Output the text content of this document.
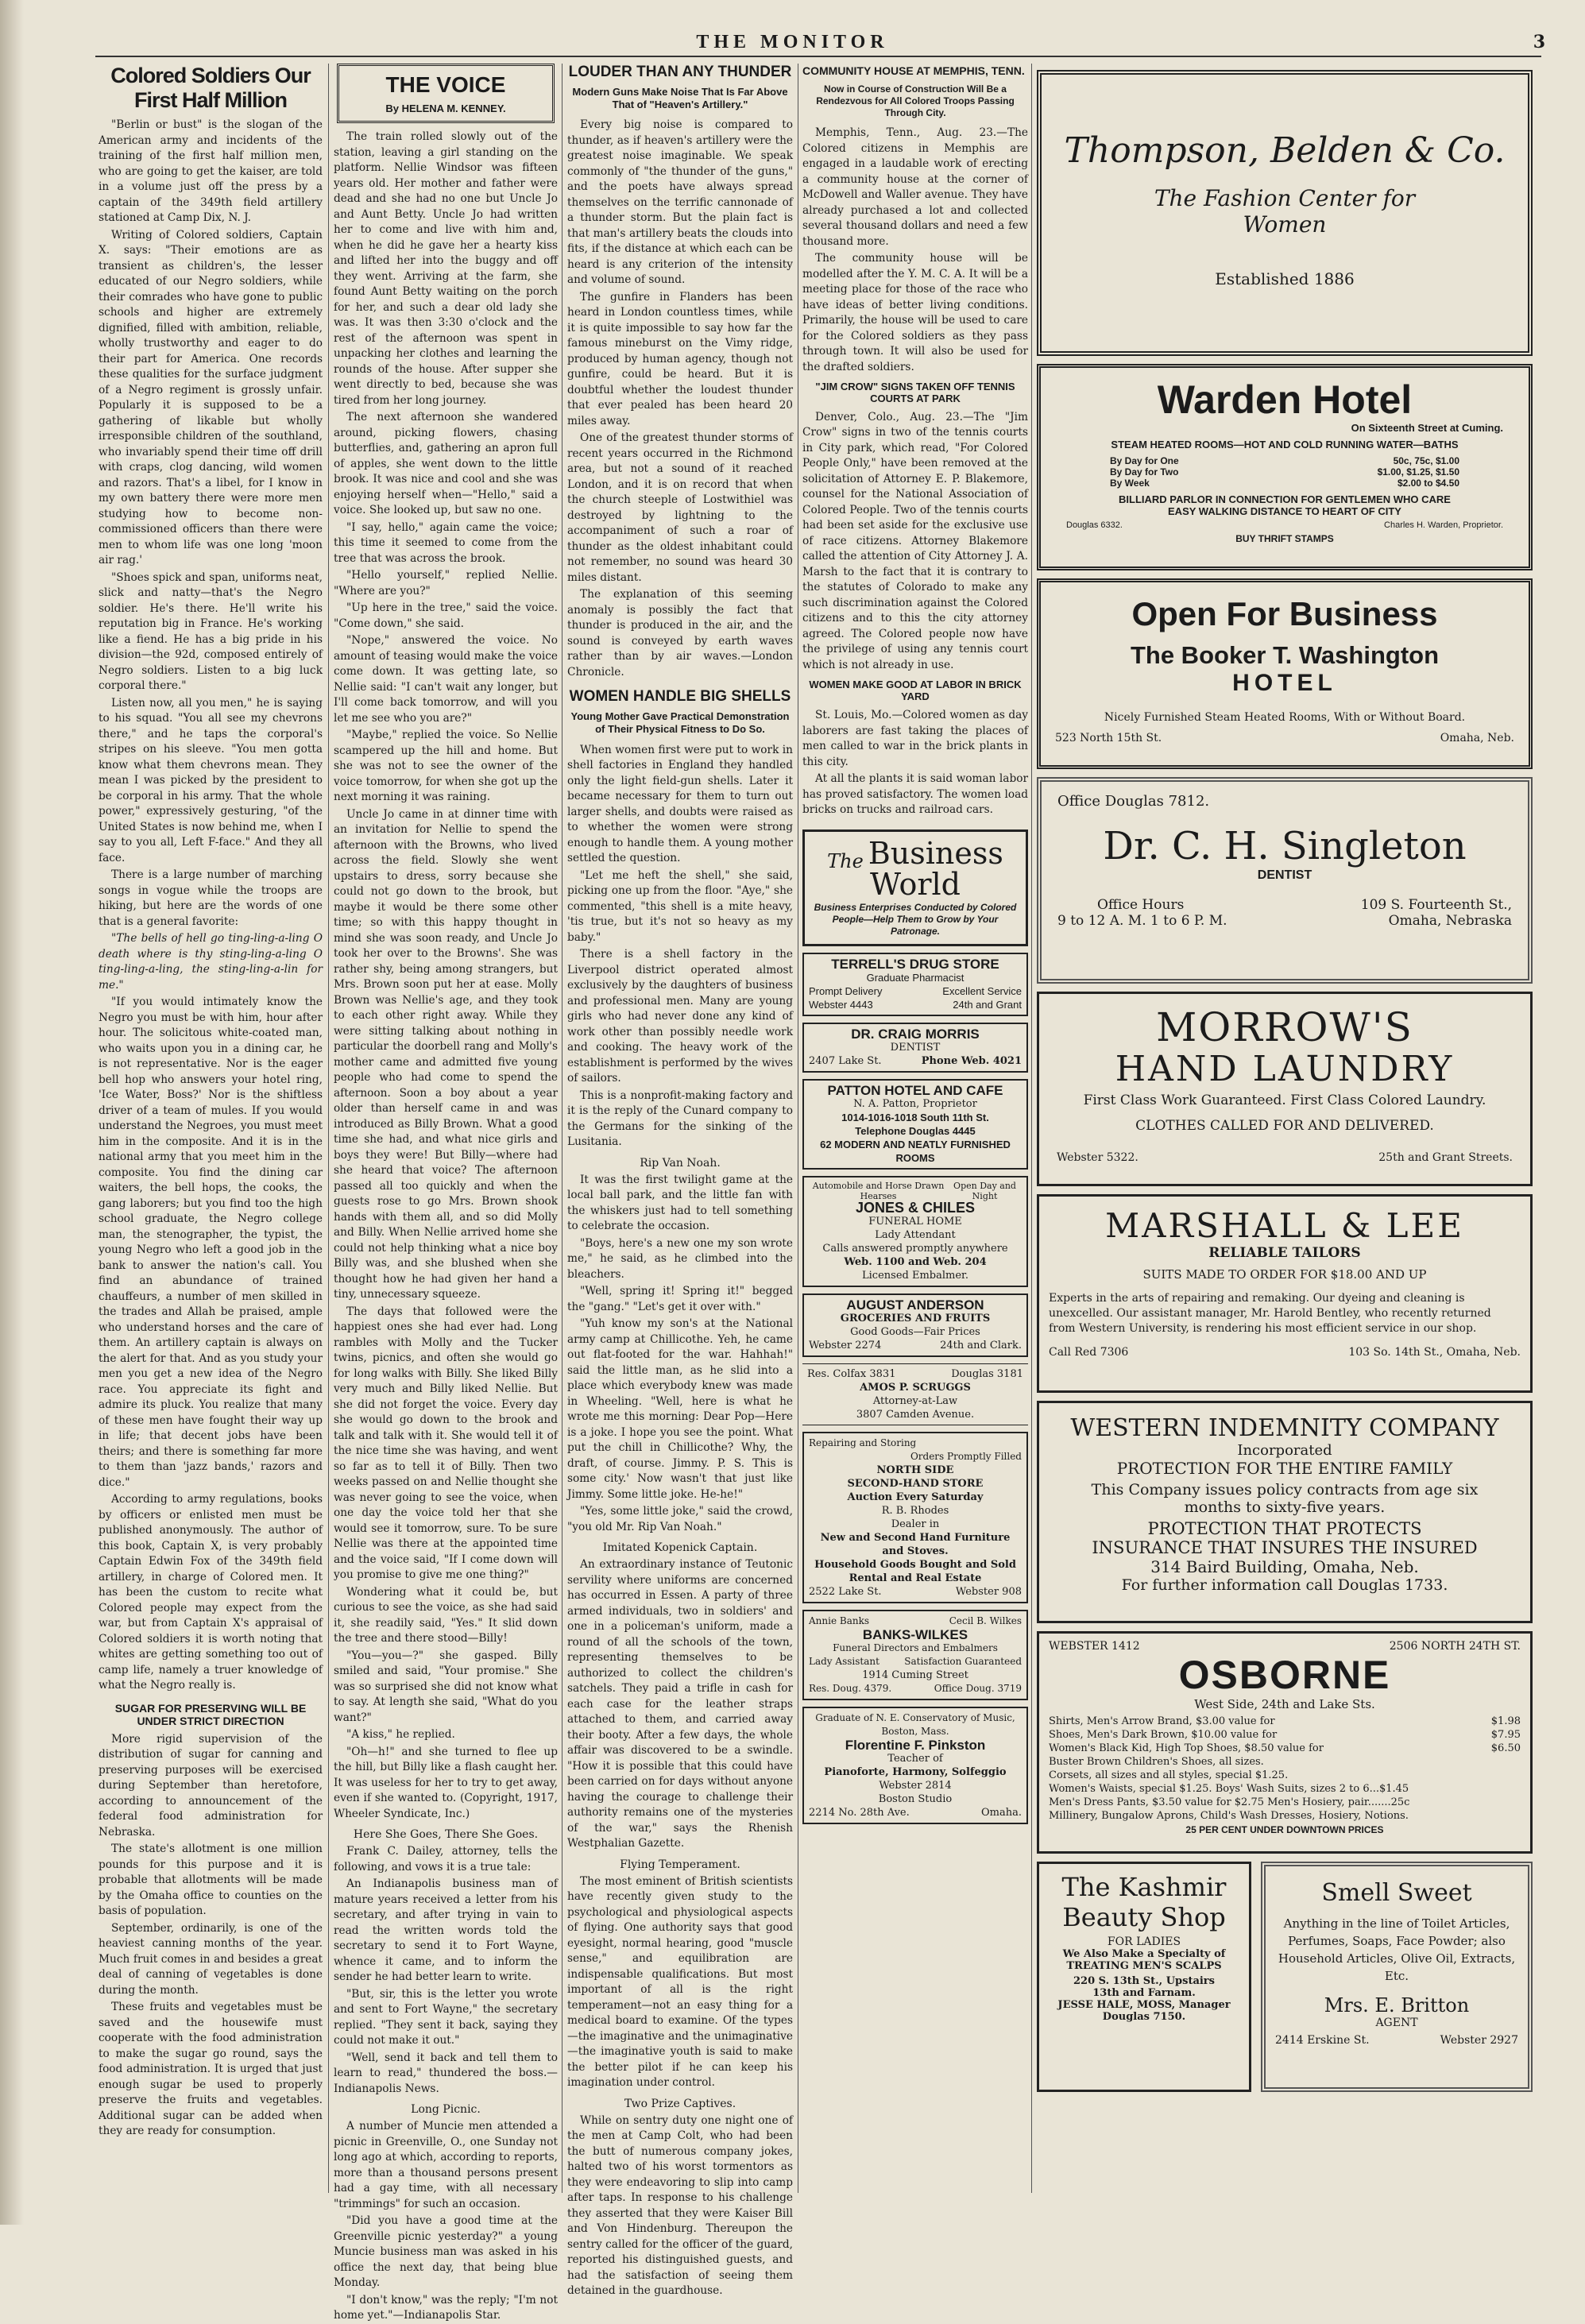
THE MONITOR	3
Colored Soldiers Our First Half Million

"Berlin or bust" is the slogan of the American army and incidents of the training of the first half million men, who are going to get the kaiser, are told in a volume just off the press by a captain of the 349th field artillery stationed at Camp Dix, N. J.

Writing of Colored soldiers, Captain X. says: "Their emotions are as transient as children's, the lesser educated of our Negro soldiers, while their comrades who have gone to public schools and higher are extremely dignified, filled with ambition, reliable, wholly trustworthy and eager to do their part for America. One records these qualities for the surface judgment of a Negro regiment is grossly unfair. Popularly it is supposed to be a gathering of likable but wholly irresponsible children of the southland, who invariably spend their time off drill with craps, clog dancing, wild women and razors. That's a libel, for I know in my own battery there were more men studying how to become non-commissioned officers than there were men to whom life was one long 'moon air rag.'

"Shoes spick and span, uniforms neat, slick and natty—that's the Negro soldier. He's there. He'll write his reputation big in France. He's working like a fiend. He has a big pride in his division—the 92d, composed entirely of Negro soldiers. Listen to a big luck corporal there."

Listen now, all you men," he is saying to his squad. "You all see my chevrons there," and he taps the corporal's stripes on his sleeve. "You men gotta know what them chevrons mean. They mean I was picked by the president to be corporal in his army. That the whole power," expressively gesturing, "of the United States is now behind me, when I say to you all, Left F-face." And they all face.

There is a large number of marching songs in vogue while the troops are hiking, but here are the words of one that is a general favorite:

"The bells of hell go ting-ling-a-ling O death where is thy sting-ling-a-ling O ting-ling-a-ling, the sting-ling-a-lin for me."

"If you would intimately know the Negro you must be with him, hour after hour. The solicitous white-coated man, who waits upon you in a dining car, he is not representative. Nor is the eager bell hop who answers your hotel ring, 'Ice Water, Boss?' Nor is the shiftless driver of a team of mules. If you would understand the Negroes, you must meet him in the composite. And it is in the national army that you meet him in the composite. You find the dining car waiters, the bell hops, the cooks, the gang laborers; but you find too the high school graduate, the Negro college man, the stenographer, the typist, the young Negro who left a good job in the bank to answer the nation's call. You find an abundance of trained chauffeurs, a number of men skilled in the trades and Allah be praised, ample who understand horses and the care of them. An artillery captain is always on the alert for that. And as you study your men you get a new idea of the Negro race. You appreciate its fight and admire its pluck. You realize that many of these men have fought their way up in life; that decent jobs have been theirs; and there is something far more to them than 'jazz bands,' razors and dice."

According to army regulations, books by officers or enlisted men must be published anonymously. The author of this book, Captain X, is very probably Captain Edwin Fox of the 349th field artillery, in charge of Colored men. It has been the custom to recite what Colored people may expect from the war, but from Captain X's appraisal of Colored soldiers it is worth noting that whites are getting something too out of camp life, namely a truer knowledge of what the Negro really is.

SUGAR FOR PRESERVING WILL BE UNDER STRICT DIRECTION

More rigid supervision of the distribution of sugar for canning and preserving purposes will be exercised during September than heretofore, according to announcement of the federal food administration for Nebraska.

The state's allotment is one million pounds for this purpose and it is probable that allotments will be made by the Omaha office to counties on the basis of population.

September, ordinarily, is one of the heaviest canning months of the year. Much fruit comes in and besides a great deal of canning of vegetables is done during the month.

These fruits and vegetables must be saved and the housewife must cooperate with the food administration to make the sugar go round, says the food administration. It is urged that just enough sugar be used to properly preserve the fruits and vegetables. Additional sugar can be added when they are ready for consumption.

THE VOICE
By HELENA M. KENNEY.

The train rolled slowly out of the station, leaving a girl standing on the platform. Nellie Windsor was fifteen years old. Her mother and father were dead and she had no one but Uncle Jo and Aunt Betty. Uncle Jo had written her to come and live with him and, when he did he gave her a hearty kiss and lifted her into the buggy and off they went. Arriving at the farm, she found Aunt Betty waiting on the porch for her, and such a dear old lady she was. It was then 3:30 o'clock and the rest of the afternoon was spent in unpacking her clothes and learning the rounds of the house. After supper she went directly to bed, because she was tired from her long journey.

The next afternoon she wandered around, picking flowers, chasing butterflies, and, gathering an apron full of apples, she went down to the little brook. It was nice and cool and she was enjoying herself when—"Hello," said a voice. She looked up, but saw no one.

"I say, hello," again came the voice; this time it seemed to come from the tree that was across the brook.

"Hello yourself," replied Nellie. "Where are you?"

"Up here in the tree," said the voice. "Come down," she said.

"Nope," answered the voice. No amount of teasing would make the voice come down. It was getting late, so Nellie said: "I can't wait any longer, but I'll come back tomorrow, and will you let me see who you are?"

"Maybe," replied the voice. So Nellie scampered up the hill and home. But she was not to see the owner of the voice tomorrow, for when she got up the next morning it was raining.

Uncle Jo came in at dinner time with an invitation for Nellie to spend the afternoon with the Browns, who lived across the field. Slowly she went upstairs to dress, sorry because she could not go down to the brook, but maybe it would be there some other time; so with this happy thought in mind she was soon ready, and Uncle Jo took her over to the Browns'. She was rather shy, being among strangers, but Mrs. Brown soon put her at ease. Molly Brown was Nellie's age, and they took to each other right away. While they were sitting talking about nothing in particular the doorbell rang and Molly's mother came and admitted five young people who had come to spend the afternoon. Soon a boy about a year older than herself came in and was introduced as Billy Brown. What a good time she had, and what nice girls and boys they were! But Billy—where had she heard that voice? The afternoon passed all too quickly and when the guests rose to go Mrs. Brown shook hands with them all, and so did Molly and Billy. When Nellie arrived home she could not help thinking what a nice boy Billy was, and she blushed when she thought how he had given her hand a tiny, unnecessary squeeze.

The days that followed were the happiest ones she had ever had. Long rambles with Molly and the Tucker twins, picnics, and often she would go for long walks with Billy. She liked Billy very much and Billy liked Nellie. But she did not forget the voice. Every day she would go down to the brook and talk and talk with it. She would tell it of the nice time she was having, and went so far as to tell it of Billy. Then two weeks passed on and Nellie thought she was never going to see the voice, when one day the voice told her that she would see it tomorrow, sure. To be sure Nellie was there at the appointed time and the voice said, "If I come down will you promise to give me one thing?"

Wondering what it could be, but curious to see the voice, as she had said it, she readily said, "Yes." It slid down the tree and there stood—Billy!

"You—you—?" she gasped. Billy smiled and said, "Your promise." She was so surprised she did not know what to say. At length she said, "What do you want?"

"A kiss," he replied.

"Oh—h!" and she turned to flee up the hill, but Billy like a flash caught her. It was useless for her to try to get away, even if she wanted to. (Copyright, 1917, Wheeler Syndicate, Inc.)

Here She Goes, There She Goes.

Frank C. Dailey, attorney, tells the following, and vows it is a true tale:

An Indianapolis business man of mature years received a letter from his secretary, and after trying in vain to read the written words told the secretary to send it to Fort Wayne, whence it came, and to inform the sender he had better learn to write.

"But, sir, this is the letter you wrote and sent to Fort Wayne," the secretary replied. "They sent it back, saying they could not make it out."

"Well, send it back and tell them to learn to read," thundered the boss.—Indianapolis News.

Long Picnic.

A number of Muncie men attended a picnic in Greenville, O., one Sunday not long ago at which, according to reports, more than a thousand persons present had a gay time, with all necessary "trimmings" for such an occasion.

"Did you have a good time at the Greenville picnic yesterday?" a young Muncie business man was asked in his office the next day, that being blue Monday.

"I don't know," was the reply; "I'm not home yet."—Indianapolis Star.

LOUDER THAN ANY THUNDER
Modern Guns Make Noise That Is Far Above That of "Heaven's Artillery."

Every big noise is compared to thunder, as if heaven's artillery were the greatest noise imaginable. We speak commonly of "the thunder of the guns," and the poets have always spread themselves on the terrific cannonade of a thunder storm. But the plain fact is that man's artillery beats the clouds into fits, if the distance at which each can be heard is any criterion of the intensity and volume of sound.

The gunfire in Flanders has been heard in London countless times, while it is quite impossible to say how far the famous mineburst on the Vimy ridge, produced by human agency, though not gunfire, could be heard. But it is doubtful whether the loudest thunder that ever pealed has been heard 20 miles away.

One of the greatest thunder storms of recent years occurred in the Richmond area, but not a sound of it reached London, and it is on record that when the church steeple of Lostwithiel was destroyed by lightning to the accompaniment of such a roar of thunder as the oldest inhabitant could not remember, no sound was heard 30 miles distant.

The explanation of this seeming anomaly is possibly the fact that thunder is produced in the air, and the sound is conveyed by earth waves rather than by air waves.—London Chronicle.

WOMEN HANDLE BIG SHELLS
Young Mother Gave Practical Demonstration of Their Physical Fitness to Do So.

When women first were put to work in shell factories in England they handled only the light field-gun shells. Later it became necessary for them to turn out larger shells, and doubts were raised as to whether the women were strong enough to handle them. A young mother settled the question.

"Let me heft the shell," she said, picking one up from the floor. "Aye," she commented, "this shell is a mite heavy, 'tis true, but it's not so heavy as my baby."

There is a shell factory in the Liverpool district operated almost exclusively by the daughters of business and professional men. Many are young girls who had never done any kind of work other than possibly needle work and cooking. The heavy work of the establishment is performed by the wives of sailors.

This is a nonprofit-making factory and it is the reply of the Cunard company to the Germans for the sinking of the Lusitania.

Rip Van Noah.

It was the first twilight game at the local ball park, and the little fan with the whiskers just had to tell something to celebrate the occasion.

"Boys, here's a new one my son wrote me," he said, as he climbed into the bleachers.

"Well, spring it! Spring it!" begged the "gang." "Let's get it over with."

"Yuh know my son's at the National army camp at Chillicothe. Yeh, he came out flat-footed for the war. Hahhah!" said the little man, as he slid into a place which everybody knew was made in Wheeling. "Well, here is what he wrote me this morning: Dear Pop—Here is a joke. I hope you see the point. What put the chill in Chillicothe? Why, the draft, of course. Jimmy. P. S. This is some city.' Now wasn't that just like Jimmy. Some little joke. He-he!"

"Yes, some little joke," said the crowd, "you old Mr. Rip Van Noah."

Imitated Kopenick Captain.

An extraordinary instance of Teutonic servility where uniforms are concerned has occurred in Essen. A party of three armed individuals, two in soldiers' and one in a policeman's uniform, made a round of all the schools of the town, representing themselves to be authorized to collect the children's satchels. They paid a trifle in cash for each case for the leather straps attached to them, and carried away their booty. After a few days, the whole affair was discovered to be a swindle. "How it is possible that this could have been carried on for days without anyone having the courage to challenge their authority remains one of the mysteries of the war," says the Rhenish Westphalian Gazette.

Flying Temperament.

The most eminent of British scientists have recently given study to the psychological and physiological aspects of flying. One authority says that good eyesight, normal hearing, good "muscle sense," and equilibration are indispensable qualifications. But most important of all is the right temperament—not an easy thing for a medical board to examine. Of the types—the imaginative and the unimaginative—the imaginative youth is said to make the better pilot if he can keep his imagination under control.

Two Prize Captives.

While on sentry duty one night one of the men at Camp Colt, who had been the butt of numerous company jokes, halted two of his worst tormentors as they were endeavoring to slip into camp after taps. In response to his challenge they asserted that they were Kaiser Bill and Von Hindenburg. Thereupon the sentry called for the officer of the guard, reported his distinguished guests, and had the satisfaction of seeing them detained in the guardhouse.

COMMUNITY HOUSE AT MEMPHIS, TENN.
Now in Course of Construction Will Be a Rendezvous for All Colored Troops Passing Through City.

Memphis, Tenn., Aug. 23.—The Colored citizens in Memphis are engaged in a laudable work of erecting a community house at the corner of McDowell and Waller avenue. They have already purchased a lot and collected several thousand dollars and need a few thousand more.

The community house will be modelled after the Y. M. C. A. It will be a meeting place for those of the race who have ideas of better living conditions. Primarily, the house will be used to care for the Colored soldiers as they pass through town. It will also be used for the drafted soldiers.

"JIM CROW" SIGNS TAKEN OFF TENNIS COURTS AT PARK

Denver, Colo., Aug. 23.—The "Jim Crow" signs in two of the tennis courts in City park, which read, "For Colored People Only," have been removed at the solicitation of Attorney E. P. Blakemore, counsel for the National Association of Colored People. Two of the tennis courts had been set aside for the exclusive use of race citizens. Attorney Blakemore called the attention of City Attorney J. A. Marsh to the fact that it is contrary to the statutes of Colorado to make any such discrimination against the Colored citizens and to this the city attorney agreed. The Colored people now have the privilege of using any tennis court which is not already in use.

WOMEN MAKE GOOD AT LABOR IN BRICK YARD

St. Louis, Mo.—Colored women as day laborers are fast taking the places of men called to war in the brick plants in this city.

At all the plants it is said woman labor has proved satisfactory. The women load bricks on trucks and railroad cars.

The Business
World
Business Enterprises Conducted by Colored People—Help Them to Grow by Your Patronage.
TERRELL'S DRUG STORE
Graduate Pharmacist
Prompt Delivery	Excellent Service
Webster 4443	24th and Grant
DR. CRAIG MORRIS
DENTIST
2407 Lake St.	Phone Web. 4021
PATTON HOTEL AND CAFE
N. A. Patton, Proprietor
1014-1016-1018 South 11th St.
Telephone Douglas 4445
62 MODERN AND NEATLY FURNISHED ROOMS
Automobile and Horse Drawn Hearses
Open Day and Night
JONES & CHILES
FUNERAL HOME
Lady Attendant
Calls answered promptly anywhere
Web. 1100 and Web. 204
Licensed Embalmer.
AUGUST ANDERSON
GROCERIES AND FRUITS
Good Goods—Fair Prices
Webster 2274	24th and Clark.
Res. Colfax 3831	Douglas 3181
AMOS P. SCRUGGS
Attorney-at-Law
3807 Camden Avenue.
Repairing and Storing
Orders Promptly Filled
NORTH SIDE
SECOND-HAND STORE
Auction Every Saturday
R. B. Rhodes
Dealer in
New and Second Hand Furniture and Stoves.
Household Goods Bought and Sold Rental and Real Estate
2522 Lake St.	Webster 908
Annie Banks	Cecil B. Wilkes
BANKS-WILKES
Funeral Directors and Embalmers
Lady Assistant	Satisfaction Guaranteed
1914 Cuming Street
Res. Doug. 4379.	Office Doug. 3719
Graduate of N. E. Conservatory of Music, Boston, Mass.
Florentine F. Pinkston
Teacher of
Pianoforte, Harmony, Solfeggio
Webster 2814
Boston Studio
2214 No. 28th Ave.	Omaha.
Thompson, Belden & Co.
The Fashion Center for
Women
Established 1886
Warden Hotel
On Sixteenth Street at Cuming.
STEAM HEATED ROOMS—HOT AND COLD RUNNING WATER—BATHS
By Day for One	50c, 75c, $1.00
By Day for Two	$1.00, $1.25, $1.50
By Week	$2.00 to $4.50
BILLIARD PARLOR IN CONNECTION FOR GENTLEMEN WHO CARE
EASY WALKING DISTANCE TO HEART OF CITY
Douglas 6332.	Charles H. Warden, Proprietor.
BUY THRIFT STAMPS
Open For Business
The Booker T. Washington
HOTEL
Nicely Furnished Steam Heated Rooms, With or Without Board.
523 North 15th St.	Omaha, Neb.
Office Douglas 7812.
Dr. C. H. Singleton
DENTIST
Office Hours
9 to 12 A. M. 1 to 6 P. M.
109 S. Fourteenth St.,
Omaha, Nebraska
MORROW'S
HAND LAUNDRY
First Class Work Guaranteed. First Class Colored Laundry.
CLOTHES CALLED FOR AND DELIVERED.
Webster 5322.	25th and Grant Streets.
MARSHALL & LEE
RELIABLE TAILORS
SUITS MADE TO ORDER FOR $18.00 AND UP
Experts in the arts of repairing and remaking. Our dyeing and cleaning is unexcelled. Our assistant manager, Mr. Harold Bentley, who recently returned from Western University, is rendering his most efficient service in our shop.
Call Red 7306	103 So. 14th St., Omaha, Neb.
WESTERN INDEMNITY COMPANY
Incorporated
PROTECTION FOR THE ENTIRE FAMILY
This Company issues policy contracts from age six months to sixty-five years.
PROTECTION THAT PROTECTS
INSURANCE THAT INSURES THE INSURED
314 Baird Building, Omaha, Neb.
For further information call Douglas 1733.
WEBSTER 1412	2506 NORTH 24TH ST.
OSBORNE
West Side, 24th and Lake Sts.
Shirts, Men's Arrow Brand, $3.00 value for	$1.98
Shoes, Men's Dark Brown, $10.00 value for	$7.95
Women's Black Kid, High Top Shoes, $8.50 value for	$6.50
Buster Brown Children's Shoes, all sizes.
Corsets, all sizes and all styles, special $1.25.
Women's Waists, special $1.25. Boys' Wash Suits, sizes 2 to 6...$1.45
Men's Dress Pants, $3.50 value for $2.75 Men's Hosiery, pair.......25c
Millinery, Bungalow Aprons, Child's Wash Dresses, Hosiery, Notions.
25 PER CENT UNDER DOWNTOWN PRICES
The Kashmir
Beauty Shop
FOR LADIES
We Also Make a Specialty of
TREATING MEN'S SCALPS
220 S. 13th St., Upstairs
13th and Farnam.
JESSE HALE, MOSS, Manager
Douglas 7150.
Smell Sweet
Anything in the line of Toilet Articles, Perfumes, Soaps, Face Powder; also Household Articles, Olive Oil, Extracts, Etc.
Mrs. E. Britton
AGENT
2414 Erskine St.	Webster 2927
